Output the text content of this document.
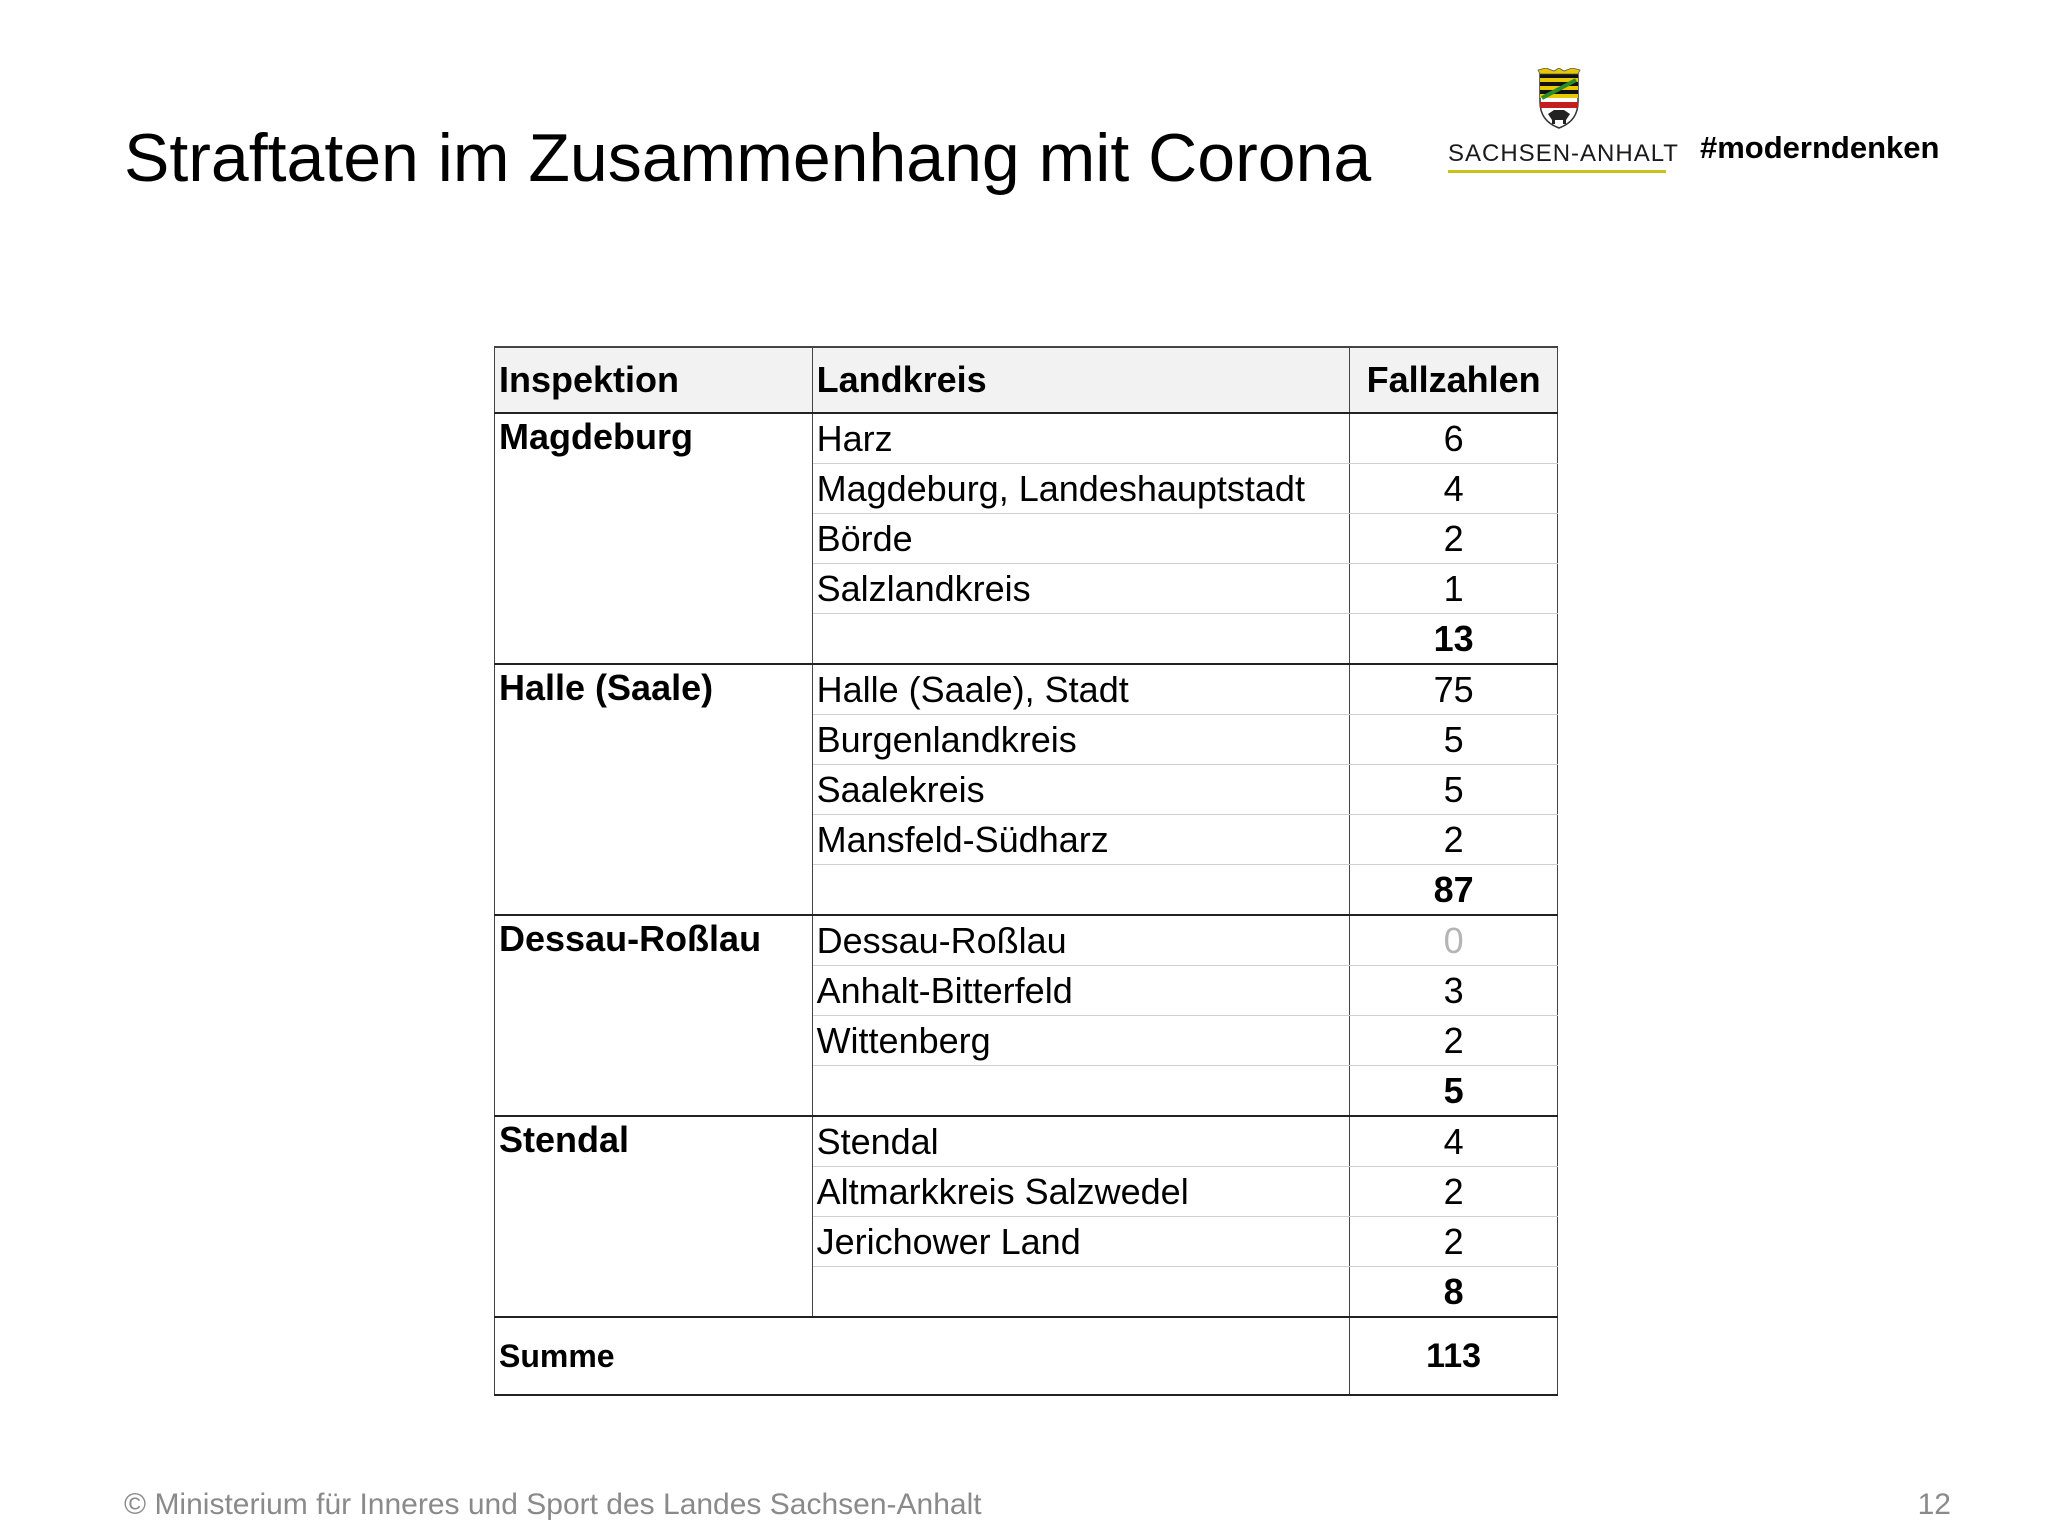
Straftaten im Zusammenhang mit Corona	SACHSEN-ANHALT #moderndenken
Inspektion	Landkreis	Fallzahlen
Magdeburg	Harz	6
	Magdeburg, Landeshauptstadt	4
	Börde	2
	Salzlandkreis	1
		13
Halle (Saale)	Halle (Saale), Stadt	75
	Burgenlandkreis	5
	Saalekreis	5
	Mansfeld-Südharz	2
		87
Dessau-Roßlau	Dessau-Roßlau	0
	Anhalt-Bitterfeld	3
	Wittenberg	2
		5
Stendal	Stendal	4
	Altmarkkreis Salzwedel	2
	Jerichower Land	2
		8
Summe		113
© Ministerium für Inneres und Sport des Landes Sachsen-Anhalt	12
